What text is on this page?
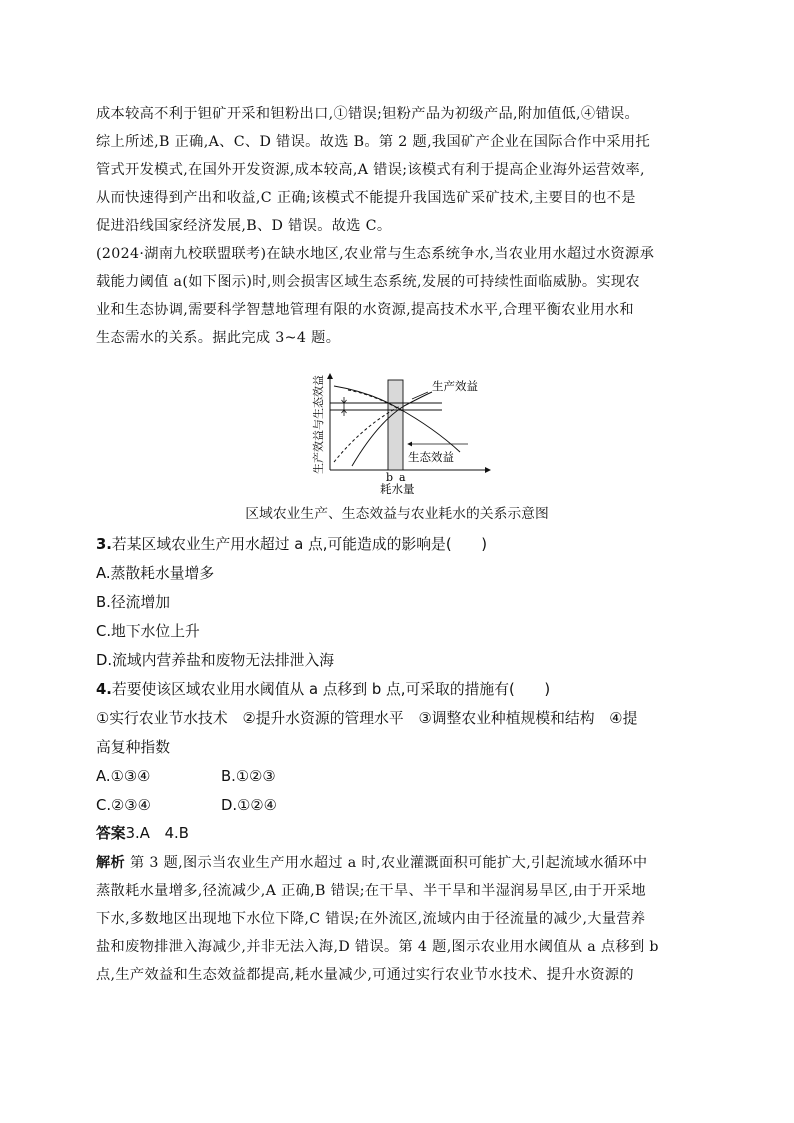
成本较高不利于钽矿开采和钽粉出口,①错误;钽粉产品为初级产品,附加值低,④错误。
综上所述,B 正确,A、C、D 错误。故选 B。第 2 题,我国矿产企业在国际合作中采用托
管式开发模式,在国外开发资源,成本较高,A 错误;该模式有利于提高企业海外运营效率,
从而快速得到产出和收益,C 正确;该模式不能提升我国选矿采矿技术,主要目的也不是
促进沿线国家经济发展,B、D 错误。故选 C。
(2024·湖南九校联盟联考)在缺水地区,农业常与生态系统争水,当农业用水超过水资源承
载能力阈值 a(如下图示)时,则会损害区域生态系统,发展的可持续性面临威胁。实现农
业和生态协调,需要科学智慧地管理有限的水资源,提高技术水平,合理平衡农业用水和
生态需水的关系。据此完成 3~4 题。
生产效益
生态效益
b a
耗水量
生产效益与生态效益
区域农业生产、生态效益与农业耗水的关系示意图
3.若某区域农业生产用水超过 a 点,可能造成的影响是(　　)
A.蒸散耗水量增多
B.径流增加
C.地下水位上升
D.流域内营养盐和废物无法排泄入海
4.若要使该区域农业用水阈值从 a 点移到 b 点,可采取的措施有(　　)
①实行农业节水技术　②提升水资源的管理水平　③调整农业种植规模和结构　④提
高复种指数
A.①③④	B.①②③
C.②③④	D.①②④
答案3.A　4.B
解析 第 3 题,图示当农业生产用水超过 a 时,农业灌溉面积可能扩大,引起流域水循环中
蒸散耗水量增多,径流减少,A 正确,B 错误;在干旱、半干旱和半湿润易旱区,由于开采地
下水,多数地区出现地下水位下降,C 错误;在外流区,流域内由于径流量的减少,大量营养
盐和废物排泄入海减少,并非无法入海,D 错误。第 4 题,图示农业用水阈值从 a 点移到 b
点,生产效益和生态效益都提高,耗水量减少,可通过实行农业节水技术、提升水资源的
